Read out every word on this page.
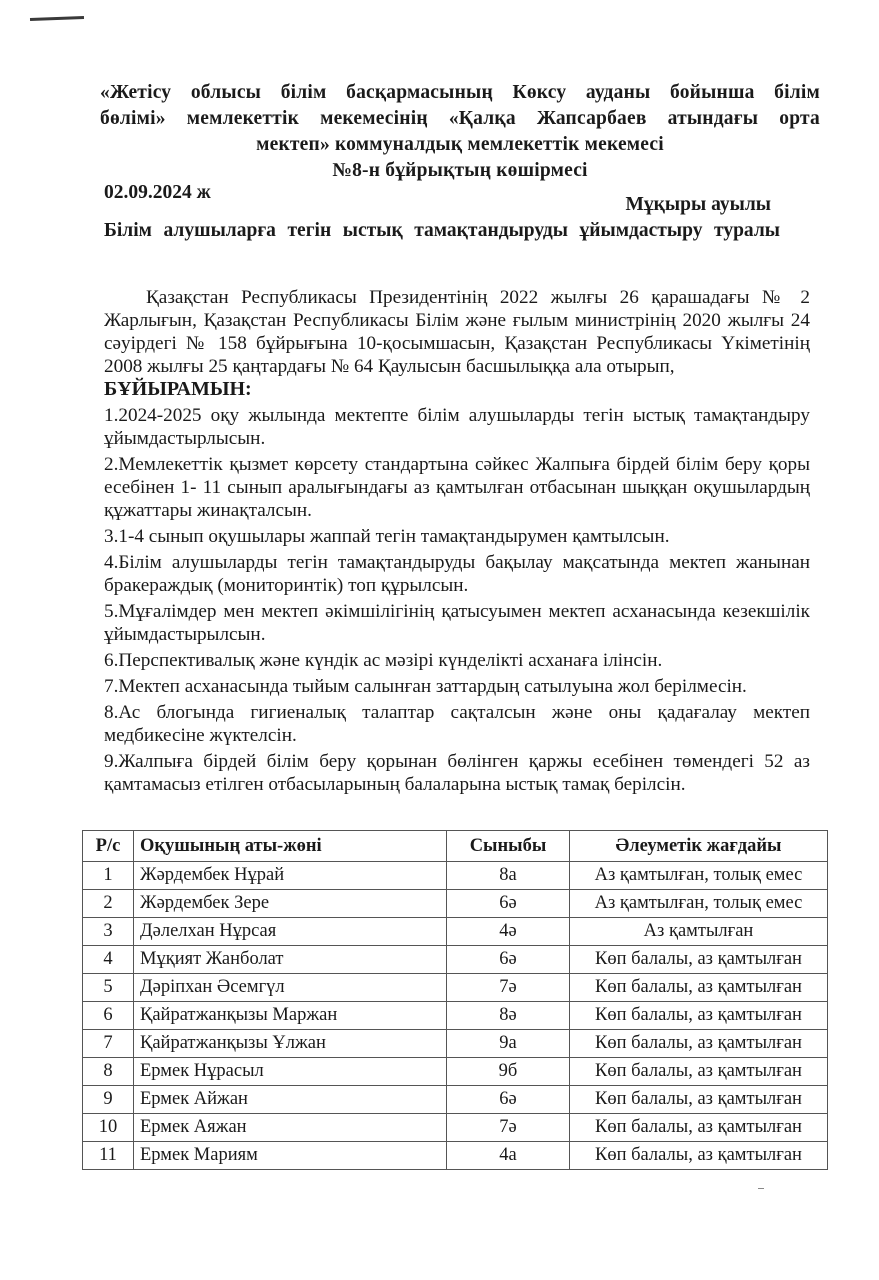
«Жетісу облысы білім басқармасының Көксу ауданы бойынша білім
бөлімі» мемлекеттік мекемесінің «Қалқа Жапсарбаев атындағы орта
мектеп» коммуналдық мемлекеттік мекемесі
№8-н бұйрықтың көшірмесі
02.09.2024 ж
Мұқыры ауылы
Білім алушыларға тегін ыстық тамақтандыруды ұйымдастыру туралы

Қазақстан Республикасы Президентінің 2022 жылғы 26 қарашадағы № 2 Жарлығын, Қазақстан Республикасы Білім және ғылым министрінің 2020 жылғы 24 сәуірдегі № 158 бұйрығына 10-қосымшасын, Қазақстан Республикасы Үкіметінің 2008 жылғы 25 қаңтардағы № 64 Қаулысын басшылыққа ала отырып,

БҰЙЫРАМЫН:

1.2024-2025 оқу жылында мектепте білім алушыларды тегін ыстық тамақтандыру ұйымдастырлысын.

2.Мемлекеттік қызмет көрсету стандартына сәйкес Жалпыға бірдей білім беру қоры есебінен 1- 11 сынып аралығындағы аз қамтылған отбасынан шыққан оқушылардың құжаттары жинақталсын.

3.1-4 сынып оқушылары жаппай тегін тамақтандырумен қамтылсын.

4.Білім алушыларды тегін тамақтандыруды бақылау мақсатында мектеп жанынан бракераждық (мониторинтік) топ құрылсын.

5.Мұғалімдер мен мектеп әкімшілігінің қатысуымен мектеп асханасында кезекшілік ұйымдастырылсын.

6.Перспективалық және күндік ас мәзірі күнделікті асханаға ілінсін.

7.Мектеп асханасында тыйым салынған заттардың сатылуына жол берілмесін.

8.Ас блогында гигиеналық талаптар сақталсын және оны қадағалау мектеп медбикесіне жүктелсін.

9.Жалпыға бірдей білім беру қорынан бөлінген қаржы есебінен төмендегі 52 аз қамтамасыз етілген отбасыларының балаларына ыстық тамақ берілсін.

Р/с	Оқушының аты-жөні	Сыныбы	Әлеуметік жағдайы
1	Жәрдембек Нұрай	8а	Аз қамтылған, толық емес
2	Жәрдембек Зере	6ә	Аз қамтылған, толық емес
3	Дәлелхан Нұрсая	4ә	Аз қамтылған
4	Мұқият Жанболат	6ә	Көп балалы, аз қамтылған
5	Дәріпхан Әсемгүл	7ә	Көп балалы, аз қамтылған
6	Қайратжанқызы Маржан	8ә	Көп балалы, аз қамтылған
7	Қайратжанқызы Ұлжан	9а	Көп балалы, аз қамтылған
8	Ермек Нұрасыл	9б	Көп балалы, аз қамтылған
9	Ермек Айжан	6ә	Көп балалы, аз қамтылған
10	Ермек Аяжан	7ә	Көп балалы, аз қамтылған
11	Ермек Мариям	4а	Көп балалы, аз қамтылған
